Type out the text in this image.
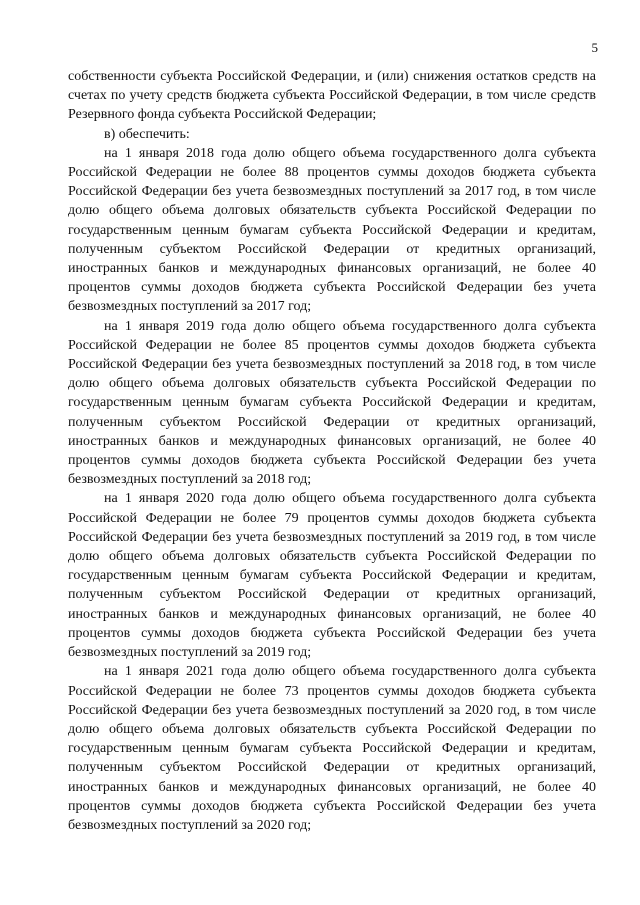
5

собственности субъекта Российской Федерации, и (или) снижения остатков средств на счетах по учету средств бюджета субъекта Российской Федерации, в том числе средств Резервного фонда субъекта Российской Федерации;

в) обеспечить:

на 1 января 2018 года долю общего объема государственного долга субъекта Российской Федерации не более 88 процентов суммы доходов бюджета субъекта Российской Федерации без учета безвозмездных поступлений за 2017 год, в том числе долю общего объема долговых обязательств субъекта Российской Федерации по государственным ценным бумагам субъекта Российской Федерации и кредитам, полученным субъектом Российской Федерации от кредитных организаций, иностранных банков и международных финансовых организаций, не более 40 процентов суммы доходов бюджета субъекта Российской Федерации без учета безвозмездных поступлений за 2017 год;

на 1 января 2019 года долю общего объема государственного долга субъекта Российской Федерации не более 85 процентов суммы доходов бюджета субъекта Российской Федерации без учета безвозмездных поступлений за 2018 год, в том числе долю общего объема долговых обязательств субъекта Российской Федерации по государственным ценным бумагам субъекта Российской Федерации и кредитам, полученным субъектом Российской Федерации от кредитных организаций, иностранных банков и международных финансовых организаций, не более 40 процентов суммы доходов бюджета субъекта Российской Федерации без учета безвозмездных поступлений за 2018 год;

на 1 января 2020 года долю общего объема государственного долга субъекта Российской Федерации не более 79 процентов суммы доходов бюджета субъекта Российской Федерации без учета безвозмездных поступлений за 2019 год, в том числе долю общего объема долговых обязательств субъекта Российской Федерации по государственным ценным бумагам субъекта Российской Федерации и кредитам, полученным субъектом Российской Федерации от кредитных организаций, иностранных банков и международных финансовых организаций, не более 40 процентов суммы доходов бюджета субъекта Российской Федерации без учета безвозмездных поступлений за 2019 год;

на 1 января 2021 года долю общего объема государственного долга субъекта Российской Федерации не более 73 процентов суммы доходов бюджета субъекта Российской Федерации без учета безвозмездных поступлений за 2020 год, в том числе долю общего объема долговых обязательств субъекта Российской Федерации по государственным ценным бумагам субъекта Российской Федерации и кредитам, полученным субъектом Российской Федерации от кредитных организаций, иностранных банков и международных финансовых организаций, не более 40 процентов суммы доходов бюджета субъекта Российской Федерации без учета безвозмездных поступлений за 2020 год;
